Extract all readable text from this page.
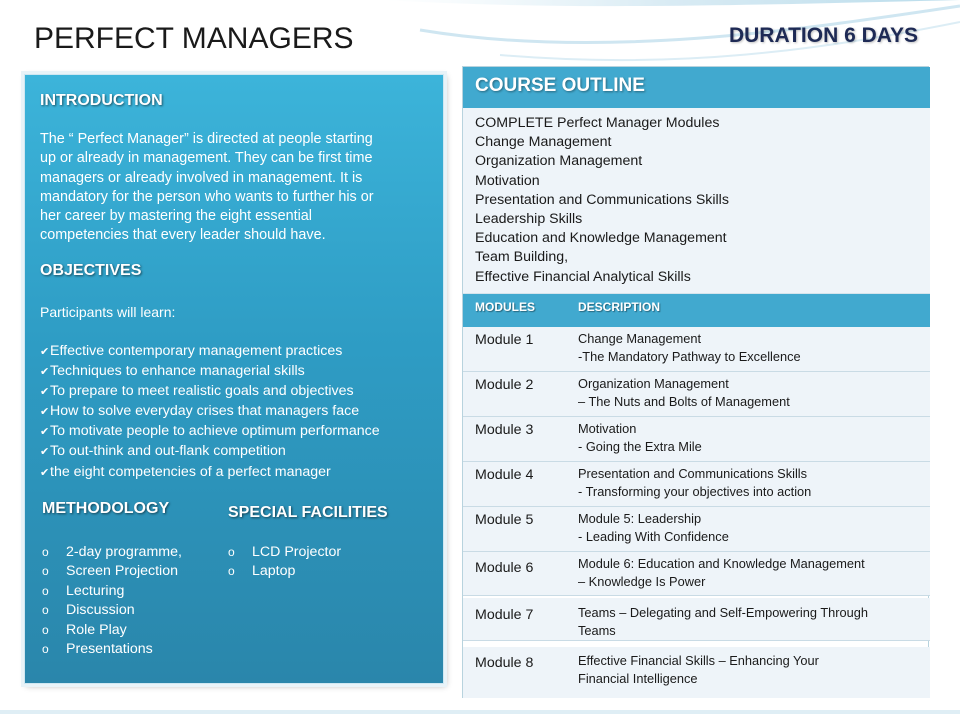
PERFECT MANAGERS	DURATION 6 DAYS
INTRODUCTION
The “ Perfect Manager” is directed at people starting
up or already in management. They can be first time
managers or already involved in management. It is
mandatory for the person who wants to further his or
her career by mastering the eight essential
competencies that every leader should have.
OBJECTIVES
Participants will learn:
✔Effective contemporary management practices
✔Techniques to enhance managerial skills
✔To prepare to meet realistic goals and objectives
✔How to solve everyday crises that managers face
✔To motivate people to achieve optimum performance
✔To out-think and out-flank competition
✔the eight competencies of a perfect manager
METHODOLOGY
o 2-day programme,
o Screen Projection
o Lecturing
o Discussion
o Role Play
o Presentations
SPECIAL FACILITIES
o LCD Projector
o Laptop
COURSE OUTLINE
COMPLETE Perfect Manager Modules
Change Management
Organization Management
Motivation
Presentation and Communications Skills
Leadership Skills
Education and Knowledge Management
Team Building,
Effective Financial Analytical Skills
MODULES	DESCRIPTION
Module 1	Change Management
-The Mandatory Pathway to Excellence
Module 2	Organization Management
– The Nuts and Bolts of Management
Module 3	Motivation
- Going the Extra Mile
Module 4	Presentation and Communications Skills
- Transforming your objectives into action
Module 5	Module 5: Leadership
- Leading With Confidence
Module 6	Module 6: Education and Knowledge Management
– Knowledge Is Power
Module 7	Teams – Delegating and Self-Empowering Through
Teams
Module 8	Effective Financial Skills – Enhancing Your
Financial Intelligence
